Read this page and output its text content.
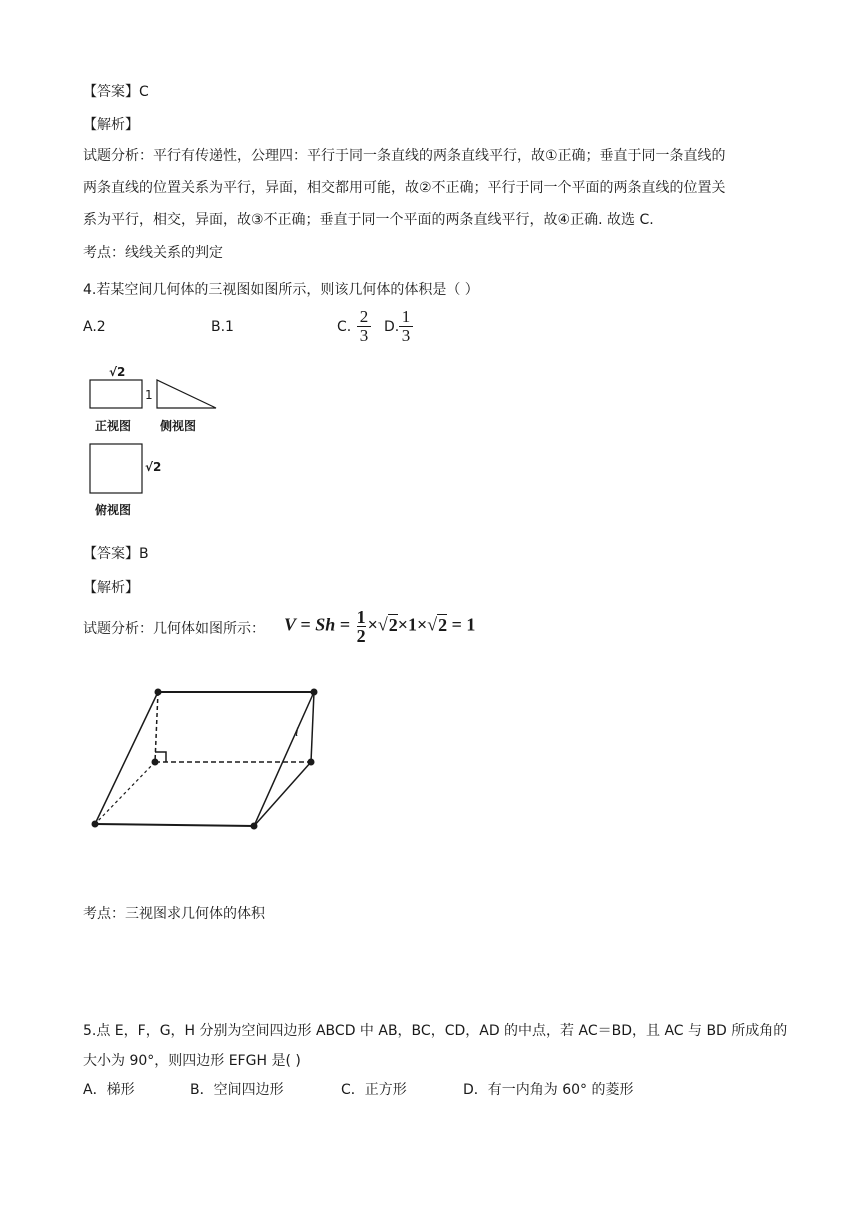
【答案】C
【解析】
试题分析：平行有传递性，公理四：平行于同一条直线的两条直线平行，故①正确；垂直于同一条直线的
两条直线的位置关系为平行，异面，相交都用可能，故②不正确；平行于同一个平面的两条直线的位置关
系为平行，相交，异面，故③不正确；垂直于同一个平面的两条直线平行，故④正确. 故选 C.
考点：线线关系的判定
4.若某空间几何体的三视图如图所示，则该几何体的体积是（ ）
A.2	B.1	C. $\frac{2}{3} D$. $\frac{1}{3}$
√2
1
正视图 侧视图
√2
俯视图
i
【答案】B
【解析】
试题分析：几何体如图所示： $V = Sh = \frac{1}{2} \times√2\times 1\times√2 = 1$
考点：三视图求几何体的体积
5.点 E，F，G，H 分别为空间四边形 ABCD 中 AB，BC，CD，AD 的中点，若 AC＝BD，且 AC 与 BD 所成角的
大小为 90°，则四边形 EFGH 是( )
A．梯形	B．空间四边形	C．正方形	D．有一内角为 60° 的菱形
